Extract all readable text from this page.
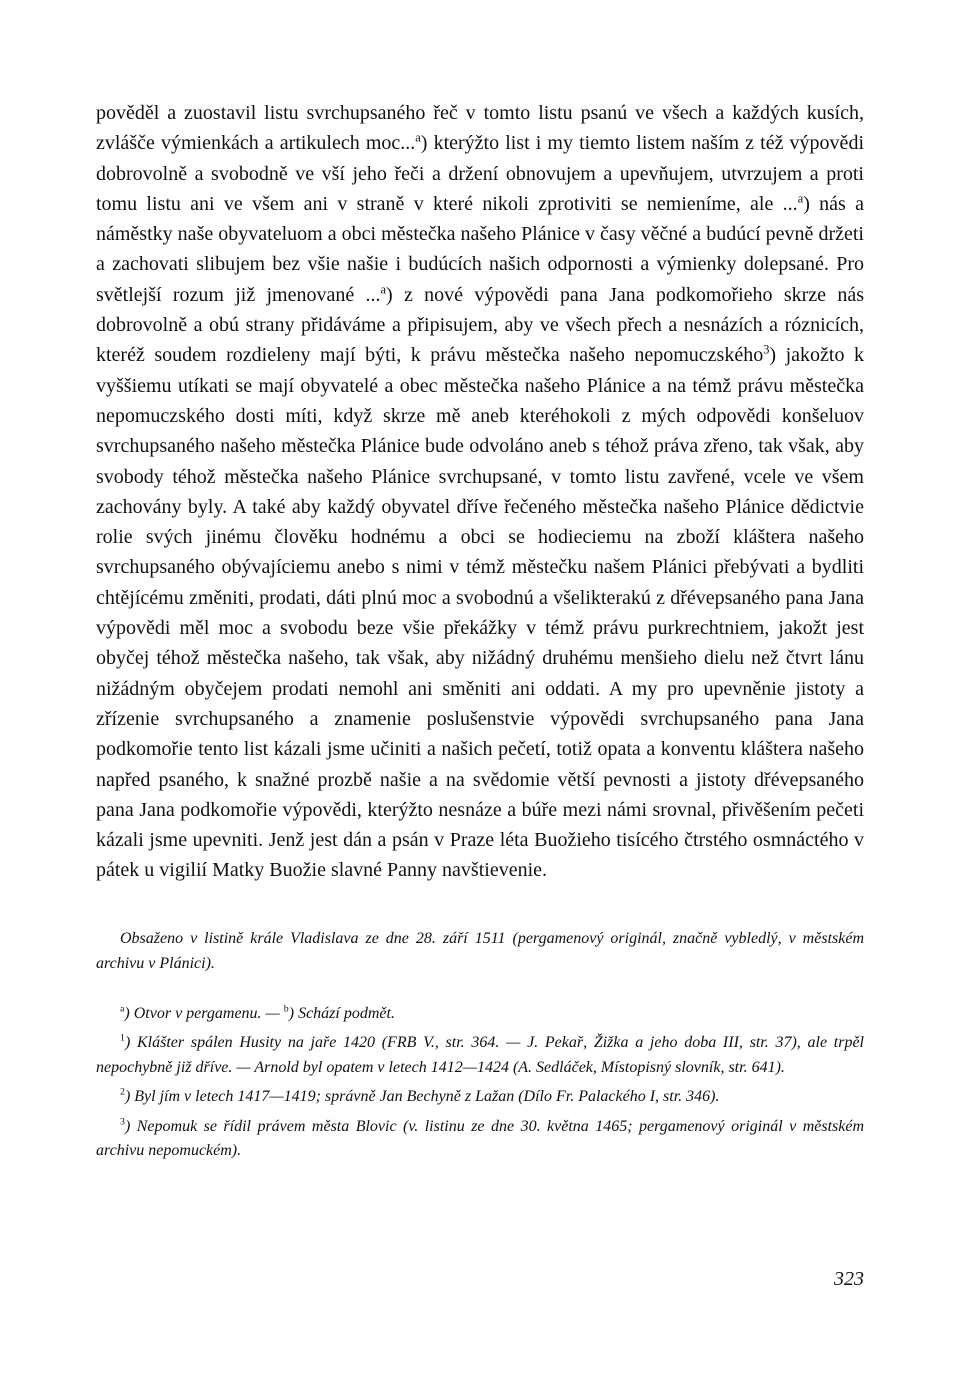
pověděl a zuostavil listu svrchupsaného řeč v tomto listu psanú ve všech a každých kusích, zvlášče výmienkách a artikulech moc...$^a$) kterýžto list i my tiemto listem naším z též výpovědi dobrovolně a svobodně ve vší jeho řeči a držení obnovujem a upevňujem, utvrzujem a proti tomu listu ani ve všem ani v straně v které nikoli zprotiviti se nemieníme, ale ...$^a$) nás a náměstky naše obyvateluom a obci městečka našeho Plánice v časy věčné a budúcí pevně držeti a zachovati slibujem bez všie našie i budúcích našich odpornosti a výmienky dolepsané. Pro světlejší rozum již jmenované ...$^a$) z nové výpovědi pana Jana podkomořieho skrze nás dobrovolně a obú strany přidáváme a připisujem, aby ve všech přech a nesnázích a róznicích, kteréž soudem rozdieleny mají býti, k právu městečka našeho nepomuczského$^3$) jakožto k vyššiemu utíkati se mají obyvatelé a obec městečka našeho Plánice a na témž právu městečka nepomuczského dosti míti, když skrze mě aneb kteréhokoli z mých odpovědi konšeluov svrchupsaného našeho městečka Plánice bude odvoláno aneb s téhož práva zřeno, tak však, aby svobody téhož městečka našeho Plánice svrchupsané, v tomto listu zavřené, vcele ve všem zachovány byly. A také aby každý obyvatel dříve řečeného městečka našeho Plánice dědictvie rolie svých jinému člověku hodnému a obci se hodieciemu na zboží kláštera našeho svrchupsaného obývajíciemu anebo s nimi v témž městečku našem Plánici přebývati a bydliti chtějícému změniti, prodati, dáti plnú moc a svobodnú a všelikterakú z dřévepsaného pana Jana výpovědi měl moc a svobodu beze všie překážky v témž právu purkrechtniem, jakožt jest obyčej téhož městečka našeho, tak však, aby nižádný druhému menšieho dielu než čtvrt lánu nižádným obyčejem prodati nemohl ani směniti ani oddati. A my pro upevněnie jistoty a zřízenie svrchupsaného a znamenie poslušenstvie výpovědi svrchupsaného pana Jana podkomořie tento list kázali jsme učiniti a našich pečetí, totiž opata a konventu kláštera našeho napřed psaného, k snažné prozbě našie a na svědomie větší pevnosti a jistoty dřévepsaného pana Jana podkomořie výpovědi, kterýžto nesnáze a búře mezi námi srovnal, přivěšením pečeti kázali jsme upevniti. Jenž jest dán a psán v Praze léta Buožieho tisícého čtrstého osmnáctého v pátek u vigilií Matky Buožie slavné Panny navštievenie.

Obsaženo v listině krále Vladislava ze dne 28. září 1511 (pergamenový originál, značně vybledlý, v městském archivu v Plánici).

$^a$) Otvor v pergamenu. — $^b$) Schází podmět.

$^1$) Klášter spálen Husity na jaře 1420 (FRB V., str. 364. — J. Pekař, Žižka a jeho doba III, str. 37), ale trpěl nepochybně již dříve. — Arnold byl opatem v letech 1412—1424 (A. Sedláček, Místopisný slovník, str. 641).

$^2$) Byl jím v letech 1417—1419; správně Jan Bechyně z Lažan (Dílo Fr. Palackého I, str. 346).

$^3$) Nepomuk se řídil právem města Blovic (v. listinu ze dne 30. května 1465; pergamenový originál v městském archivu nepomuckém).

323
